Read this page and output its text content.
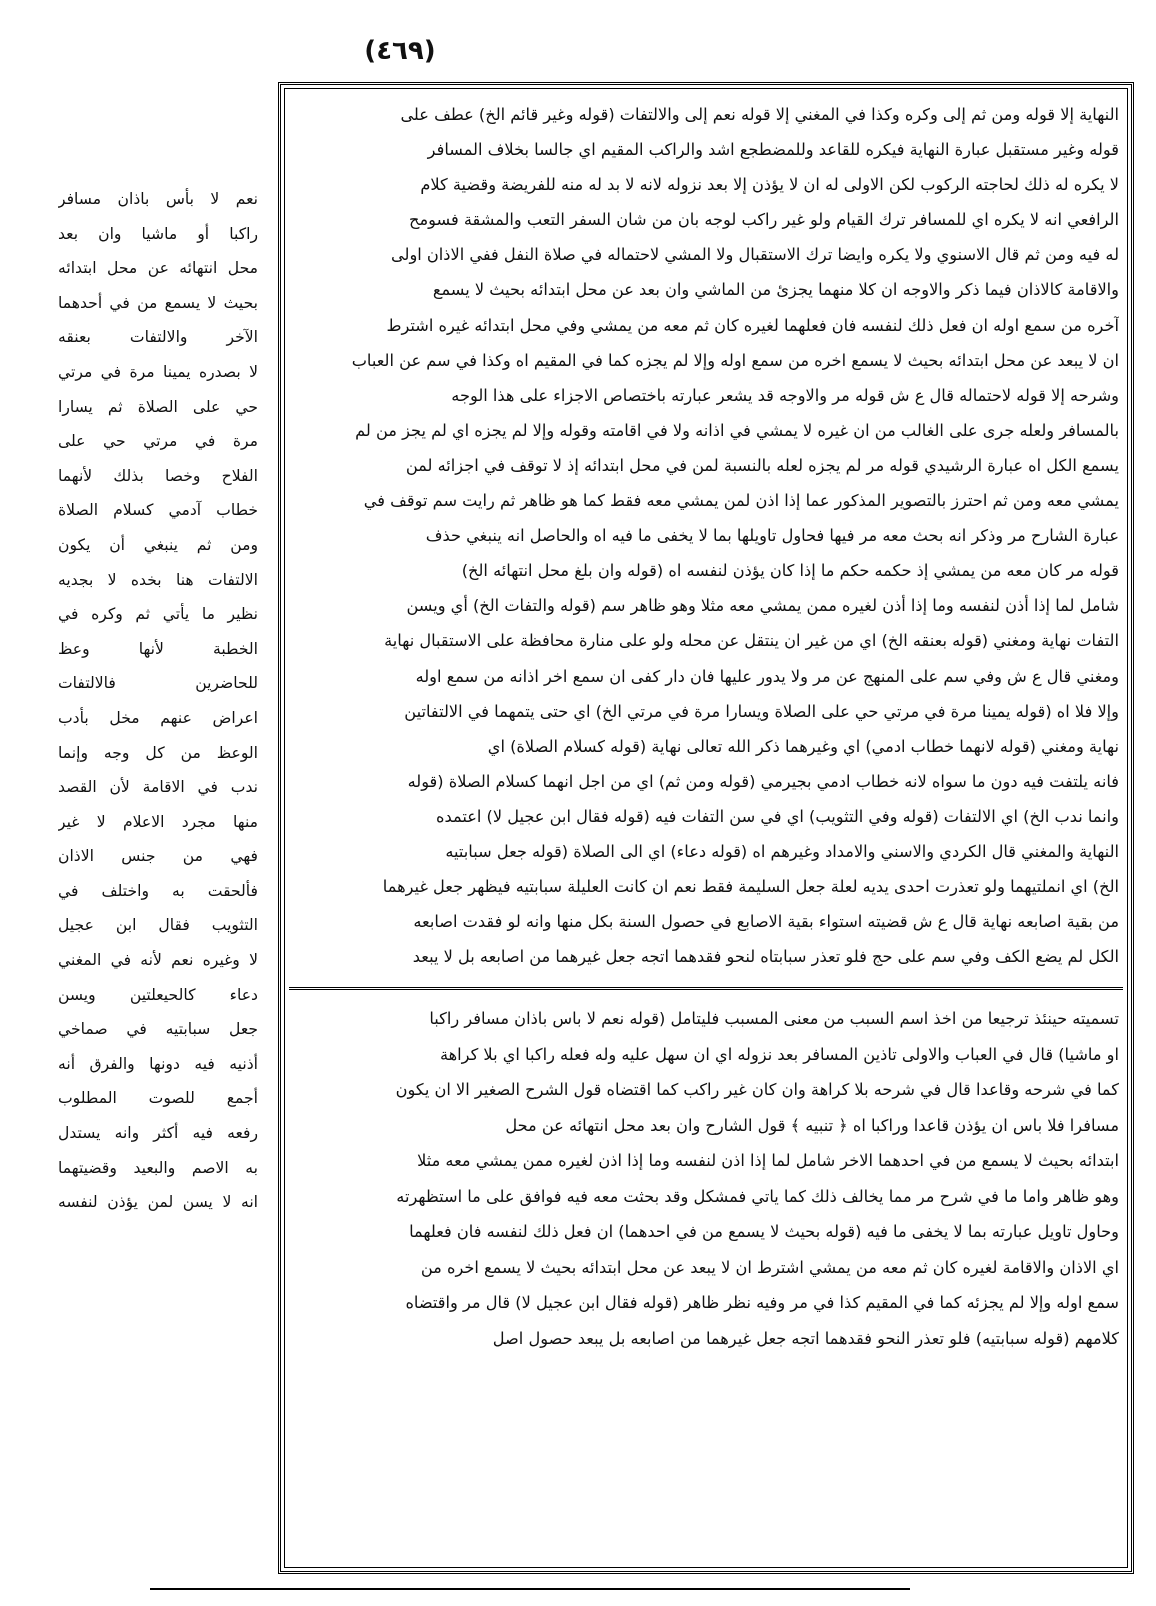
(٤٦٩)

النهاية إلا قوله ومن ثم إلى وكره وكذا في المغني إلا قوله نعم إلى والالتفات (قوله وغير قائم الخ) عطف على
قوله وغير مستقبل عبارة النهاية فيكره للقاعد وللمضطجع اشد والراكب المقيم اي جالسا بخلاف المسافر
لا يكره له ذلك لحاجته الركوب لكن الاولى له ان لا يؤذن إلا بعد نزوله لانه لا بد له منه للفريضة وقضية كلام
الرافعي انه لا يكره اي للمسافر ترك القيام ولو غير راكب لوجه بان من شان السفر التعب والمشقة فسومح
له فيه ومن ثم قال الاسنوي ولا يكره وايضا ترك الاستقبال ولا المشي لاحتماله في صلاة النفل ففي الاذان اولى
والاقامة كالاذان فيما ذكر والاوجه ان كلا منهما يجزئ من الماشي وان بعد عن محل ابتدائه بحيث لا يسمع
آخره من سمع اوله ان فعل ذلك لنفسه فان فعلهما لغيره كان ثم معه من يمشي وفي محل ابتدائه غيره اشترط
ان لا يبعد عن محل ابتدائه بحيث لا يسمع اخره من سمع اوله وإلا لم يجزه كما في المقيم اه وكذا في سم عن العباب
وشرحه إلا قوله لاحتماله قال ع ش قوله مر والاوجه قد يشعر عبارته باختصاص الاجزاء على هذا الوجه
بالمسافر ولعله جرى على الغالب من ان غيره لا يمشي في اذانه ولا في اقامته وقوله وإلا لم يجزه اي لم يجز من لم
يسمع الكل اه عبارة الرشيدي قوله مر لم يجزه لعله بالنسبة لمن في محل ابتدائه إذ لا توقف في اجزائه لمن
يمشي معه ومن ثم احترز بالتصوير المذكور عما إذا اذن لمن يمشي معه فقط كما هو ظاهر ثم رايت سم توقف في
عبارة الشارح مر وذكر انه بحث معه مر فيها فحاول تاويلها بما لا يخفى ما فيه اه والحاصل انه ينبغي حذف
قوله مر كان معه من يمشي إذ حكمه حكم ما إذا كان يؤذن لنفسه اه (قوله وان بلغ محل انتهائه الخ)
شامل لما إذا أذن لنفسه وما إذا أذن لغيره ممن يمشي معه مثلا وهو ظاهر سم (قوله والتفات الخ) أي ويسن
التفات نهاية ومغني (قوله بعنقه الخ) اي من غير ان ينتقل عن محله ولو على منارة محافظة على الاستقبال نهاية
ومغني قال ع ش وفي سم على المنهج عن مر ولا يدور عليها فان دار كفى ان سمع اخر اذانه من سمع اوله
وإلا فلا اه (قوله يمينا مرة في مرتي حي على الصلاة ويسارا مرة في مرتي الخ) اي حتى يتمهما في الالتفاتين
نهاية ومغني (قوله لانهما خطاب ادمي) اي وغيرهما ذكر الله تعالى نهاية (قوله كسلام الصلاة) اي
فانه يلتفت فيه دون ما سواه لانه خطاب ادمي بجيرمي (قوله ومن ثم) اي من اجل انهما كسلام الصلاة (قوله
وانما ندب الخ) اي الالتفات (قوله وفي التثويب) اي في سن التفات فيه (قوله فقال ابن عجيل لا) اعتمده
النهاية والمغني قال الكردي والاسني والامداد وغيرهم اه (قوله دعاء) اي الى الصلاة (قوله جعل سبابتيه
الخ) اي انملتيهما ولو تعذرت احدى يديه لعلة جعل السليمة فقط نعم ان كانت العليلة سبابتيه فيظهر جعل غيرهما
من بقية اصابعه نهاية قال ع ش قضيته استواء بقية الاصابع في حصول السنة بكل منها وانه لو فقدت اصابعه
الكل لم يضع الكف وفي سم على حج فلو تعذر سبابتاه لنحو فقدهما اتجه جعل غيرهما من اصابعه بل لا يبعد

تسميته حينئذ ترجيعا من اخذ اسم السبب من معنى المسبب فليتامل (قوله نعم لا باس باذان مسافر راكبا
او ماشيا) قال في العباب والاولى تاذين المسافر بعد نزوله اي ان سهل عليه وله فعله راكبا اي بلا كراهة
كما في شرحه وقاعدا قال في شرحه بلا كراهة وان كان غير راكب كما اقتضاه قول الشرح الصغير الا ان يكون
مسافرا فلا باس ان يؤذن قاعدا وراكبا اه ﴿ تنبيه ﴾ قول الشارح وان بعد محل انتهائه عن محل
ابتدائه بحيث لا يسمع من في احدهما الاخر شامل لما إذا اذن لنفسه وما إذا اذن لغيره ممن يمشي معه مثلا
وهو ظاهر واما ما في شرح مر مما يخالف ذلك كما ياتي فمشكل وقد بحثت معه فيه فوافق على ما استظهرته
وحاول تاويل عبارته بما لا يخفى ما فيه (قوله بحيث لا يسمع من في احدهما) ان فعل ذلك لنفسه فان فعلهما
اي الاذان والاقامة لغيره كان ثم معه من يمشي اشترط ان لا يبعد عن محل ابتدائه بحيث لا يسمع اخره من
سمع اوله وإلا لم يجزئه كما في المقيم كذا في مر وفيه نظر ظاهر (قوله فقال ابن عجيل لا) قال مر واقتضاه
كلامهم (قوله سبابتيه) فلو تعذر النحو فقدهما اتجه جعل غيرهما من اصابعه بل يبعد حصول اصل

نعم لا بأس باذان مسافر
راكبا أو ماشيا وان بعد
محل انتهائه عن محل ابتدائه
بحيث لا يسمع من في أحدهما
الآخر والالتفات بعنقه
لا بصدره يمينا مرة في مرتي
حي على الصلاة ثم يسارا
مرة في مرتي حي على
الفلاح وخصا بذلك لأنهما
خطاب آدمي كسلام الصلاة
ومن ثم ينبغي أن يكون
الالتفات هنا بخده لا بجديه
نظير ما يأتي ثم وكره في
الخطبة لأنها وعظ
للحاضرين فالالتفات
اعراض عنهم مخل بأدب
الوعظ من كل وجه وإنما
ندب في الاقامة لأن القصد
منها مجرد الاعلام لا غير
فهي من جنس الاذان
فألحقت به واختلف في
التثويب فقال ابن عجيل
لا وغيره نعم لأنه في المغني
دعاء كالحيعلتين ويسن
جعل سبابتيه في صماخي
أذنيه فيه دونها والفرق أنه
أجمع للصوت المطلوب
رفعه فيه أكثر وانه يستدل
به الاصم والبعيد وقضيتهما
انه لا يسن لمن يؤذن لنفسه
